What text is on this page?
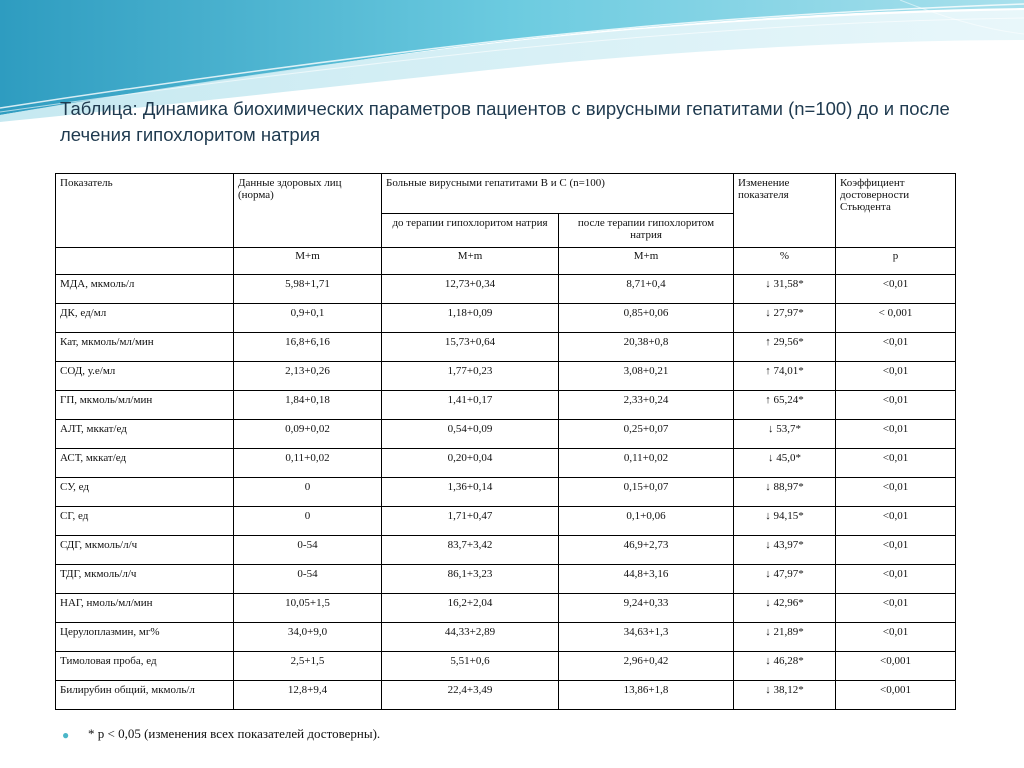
Таблица: Динамика биохимических параметров пациентов с вирусными гепатитами (n=100) до и после лечения гипохлоритом натрия
Показатель	Данные здоровых лиц (норма)	Больные вирусными гепатитами В и С (n=100)		Изменение показателя	Коэффициент достоверности Стьюдента
		до терапии гипохлоритом натрия	после терапии гипохлоритом натрия		
	M+m	M+m	M+m	%	p
МДА, мкмоль/л	5,98+1,71	12,73+0,34	8,71+0,4	↓ 31,58*	<0,01
ДК, ед/мл	0,9+0,1	1,18+0,09	0,85+0,06	↓ 27,97*	< 0,001
Кат, мкмоль/мл/мин	16,8+6,16	15,73+0,64	20,38+0,8	↑ 29,56*	<0,01
СОД, у.е/мл	2,13+0,26	1,77+0,23	3,08+0,21	↑ 74,01*	<0,01
ГП, мкмоль/мл/мин	1,84+0,18	1,41+0,17	2,33+0,24	↑ 65,24*	<0,01
АЛТ, мккат/ед	0,09+0,02	0,54+0,09	0,25+0,07	↓ 53,7*	<0,01
АСТ, мккат/ед	0,11+0,02	0,20+0,04	0,11+0,02	↓ 45,0*	<0,01
СУ, ед	0	1,36+0,14	0,15+0,07	↓ 88,97*	<0,01
СГ, ед	0	1,71+0,47	0,1+0,06	↓ 94,15*	<0,01
СДГ, мкмоль/л/ч	0-54	83,7+3,42	46,9+2,73	↓ 43,97*	<0,01
ТДГ, мкмоль/л/ч	0-54	86,1+3,23	44,8+3,16	↓ 47,97*	<0,01
НАГ, нмоль/мл/мин	10,05+1,5	16,2+2,04	9,24+0,33	↓ 42,96*	<0,01
Церулоплазмин, мг%	34,0+9,0	44,33+2,89	34,63+1,3	↓ 21,89*	<0,01
Тимоловая проба, ед	2,5+1,5	5,51+0,6	2,96+0,42	↓ 46,28*	<0,001
Билирубин общий, мкмоль/л	12,8+9,4	22,4+3,49	13,86+1,8	↓ 38,12*	<0,001
● * p < 0,05 (изменения всех показателей достоверны).
